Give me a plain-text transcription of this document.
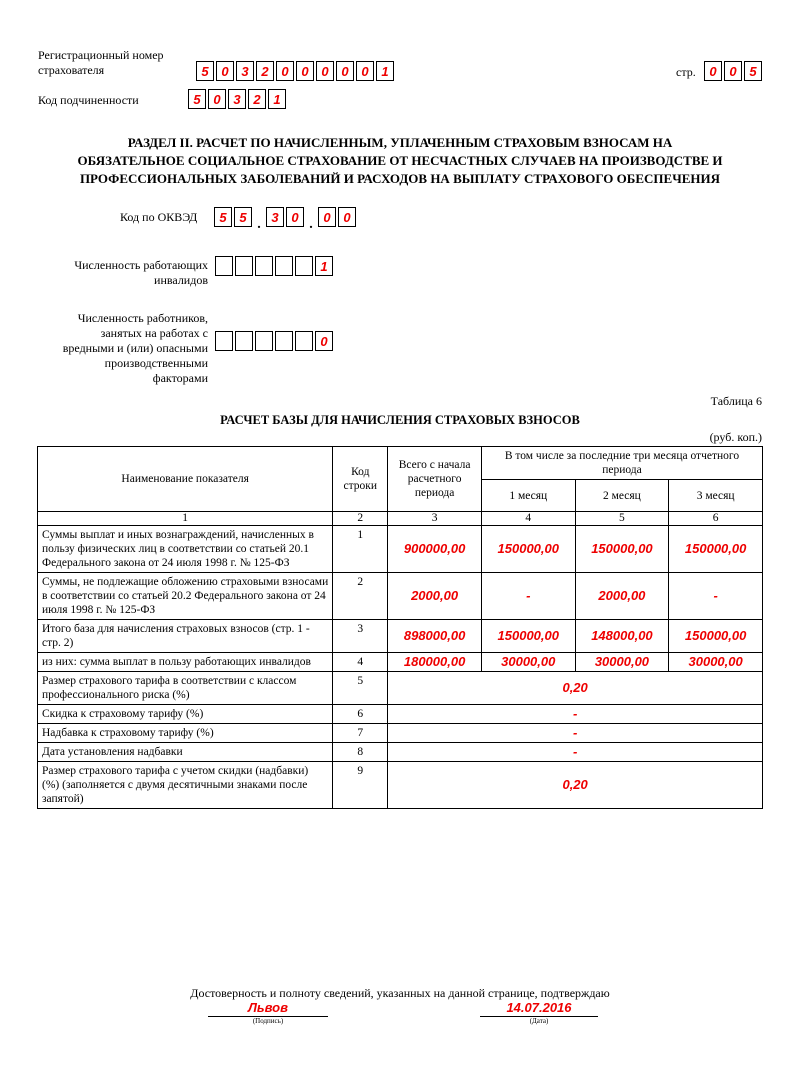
Регистрационный номер страхователя	5 0 3 2 0 0 0 0 0 1	стр.	0 0 5
Код подчиненности	5 0 3 2 1
РАЗДЕЛ II. РАСЧЕТ ПО НАЧИСЛЕННЫМ, УПЛАЧЕННЫМ СТРАХОВЫМ ВЗНОСАМ НА
ОБЯЗАТЕЛЬНОЕ СОЦИАЛЬНОЕ СТРАХОВАНИЕ ОТ НЕСЧАСТНЫХ СЛУЧАЕВ НА ПРОИЗВОДСТВЕ И
ПРОФЕССИОНАЛЬНЫХ ЗАБОЛЕВАНИЙ И РАСХОДОВ НА ВЫПЛАТУ СТРАХОВОГО ОБЕСПЕЧЕНИЯ
Код по ОКВЭД	5 5 . 3 0 . 0 0
Численность работающих
инвалидов
1
Численность работников,
занятых на работах с
вредными и (или) опасными
производственными
факторами
0
Таблица 6
РАСЧЕТ БАЗЫ ДЛЯ НАЧИСЛЕНИЯ СТРАХОВЫХ ВЗНОСОВ
(руб. коп.)
Наименование показателя	Код строки	Всего с начала расчетного периода	В том числе за последние три месяца отчетного периода		
			1 месяц	2 месяц	3 месяц
1	2	3	4	5	6
Суммы выплат и иных вознаграждений, начисленных в пользу физических лиц в соответствии со статьей 20.1 Федерального закона от 24 июля 1998 г. № 125-ФЗ	1	900000,00	150000,00	150000,00	150000,00
Суммы, не подлежащие обложению страховыми взносами в соответствии со статьей 20.2 Федерального закона от 24 июля 1998 г. № 125-ФЗ	2	2000,00	-	2000,00	-
Итого база для начисления страховых взносов (стр. 1 - стр. 2)	3	898000,00	150000,00	148000,00	150000,00
из них: сумма выплат в пользу работающих инвалидов	4	180000,00	30000,00	30000,00	30000,00
Размер страхового тарифа в соответствии с классом профессионального риска (%)	5	0,20			
Скидка к страховому тарифу (%)	6	-			
Надбавка к страховому тарифу (%)	7	-			
Дата установления надбавки	8	-			
Размер страхового тарифа с учетом скидки (надбавки) (%) (заполняется с двумя десятичными знаками после запятой)	9	0,20			
Достоверность и полноту сведений, указанных на данной странице, подтверждаю
Львов
(Подпись)
14.07.2016
(Дата)
